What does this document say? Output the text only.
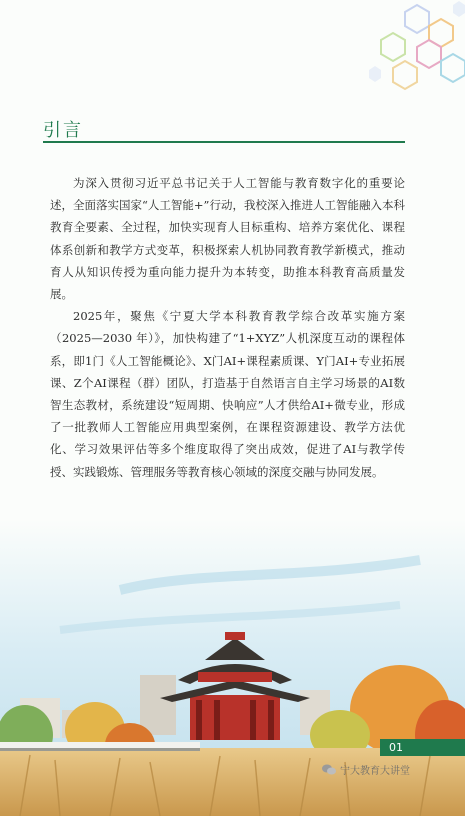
引言

为深入贯彻习近平总书记关于人工智能与教育数字化的重要论述，全面落实国家“人工智能+”行动，我校深入推进人工智能融入本科教育全要素、全过程，加快实现育人目标重构、培养方案优化、课程体系创新和教学方式变革，积极探索人机协同教育教学新模式，推动育人从知识传授为重向能力提升为本转变，助推本科教育高质量发展。

2025年，聚焦《宁夏大学本科教育教学综合改革实施方案（2025—2030 年）》，加快构建了“1+XYZ”人机深度互动的课程体系，即1门《人工智能概论》、X门AI+课程素质课、Y门AI+专业拓展课、Z个AI课程（群）团队，打造基于自然语言自主学习场景的AI数智生态教材，系统建设“短周期、快响应”人才供给AI+微专业，形成了一批教师人工智能应用典型案例，在课程资源建设、教学方法优化、学习效果评估等多个维度取得了突出成效，促进了AI与教学传授、实践锻炼、管理服务等教育核心领域的深度交融与协同发展。

01
宁大教育大讲堂
